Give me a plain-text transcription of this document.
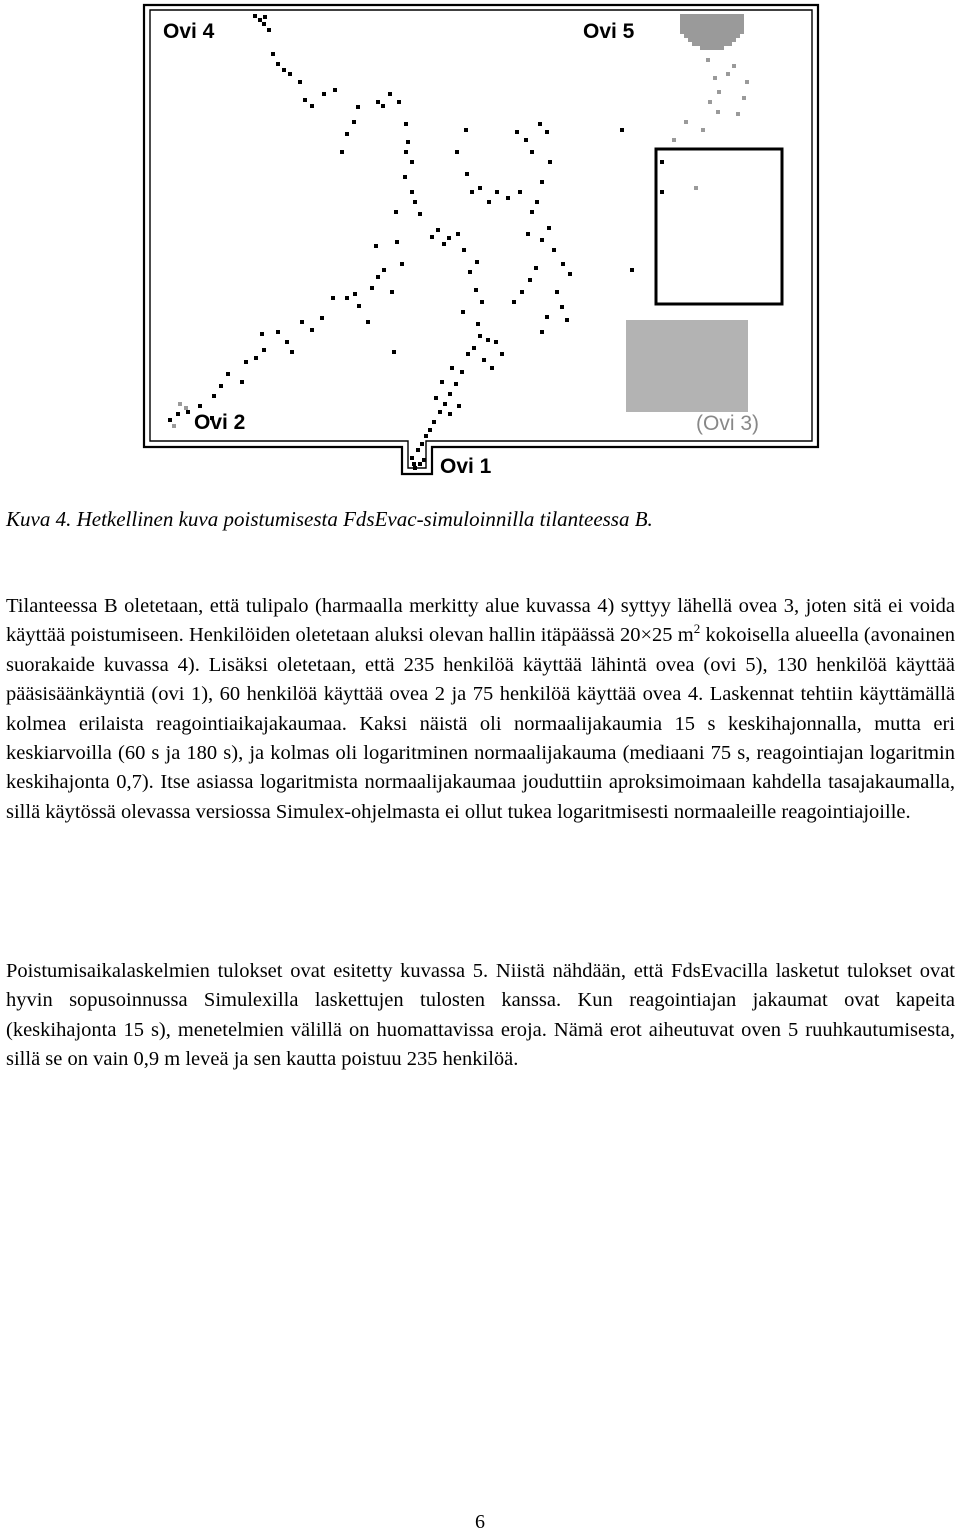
Ovi 4	Ovi 5
Ovi 2	(Ovi 3)
Ovi 1

Kuva 4. Hetkellinen kuva poistumisesta FdsEvac-simuloinnilla tilanteessa B.

Tilanteessa B oletetaan, että tulipalo (harmaalla merkitty alue kuvassa 4) syttyy lähellä ovea 3, joten sitä ei voida käyttää poistumiseen. Henkilöiden oletetaan aluksi olevan hallin itäpäässä 20×25 $m^2$ kokoisella alueella (avonainen suorakaide kuvassa 4). Lisäksi oletetaan, että 235 henkilöä käyttää lähintä ovea (ovi 5), 130 henkilöä käyttää pääsisäänkäyntiä (ovi 1), 60 henkilöä käyttää ovea 2 ja 75 henkilöä käyttää ovea 4. Laskennat tehtiin käyttämällä kolmea erilaista reagointiaikajakaumaa. Kaksi näistä oli normaalijakaumia 15 s keskihajonnalla, mutta eri keskiarvoilla (60 s ja 180 s), ja kolmas oli logaritminen normaalijakauma (mediaani 75 s, reagointiajan logaritmin keskihajonta 0,7). Itse asiassa logaritmista normaalijakaumaa jouduttiin aproksimoimaan kahdella tasajakaumalla, sillä käytössä olevassa versiossa Simulex-ohjelmasta ei ollut tukea logaritmisesti normaaleille reagointiajoille.

Poistumisaikalaskelmien tulokset ovat esitetty kuvassa 5. Niistä nähdään, että FdsEvacilla lasketut tulokset ovat hyvin sopusoinnussa Simulexilla laskettujen tulosten kanssa. Kun reagointiajan jakaumat ovat kapeita (keskihajonta 15 s), menetelmien välillä on huomattavissa eroja. Nämä erot aiheutuvat oven 5 ruuhkautumisesta, sillä se on vain 0,9 m leveä ja sen kautta poistuu 235 henkilöä.

6
